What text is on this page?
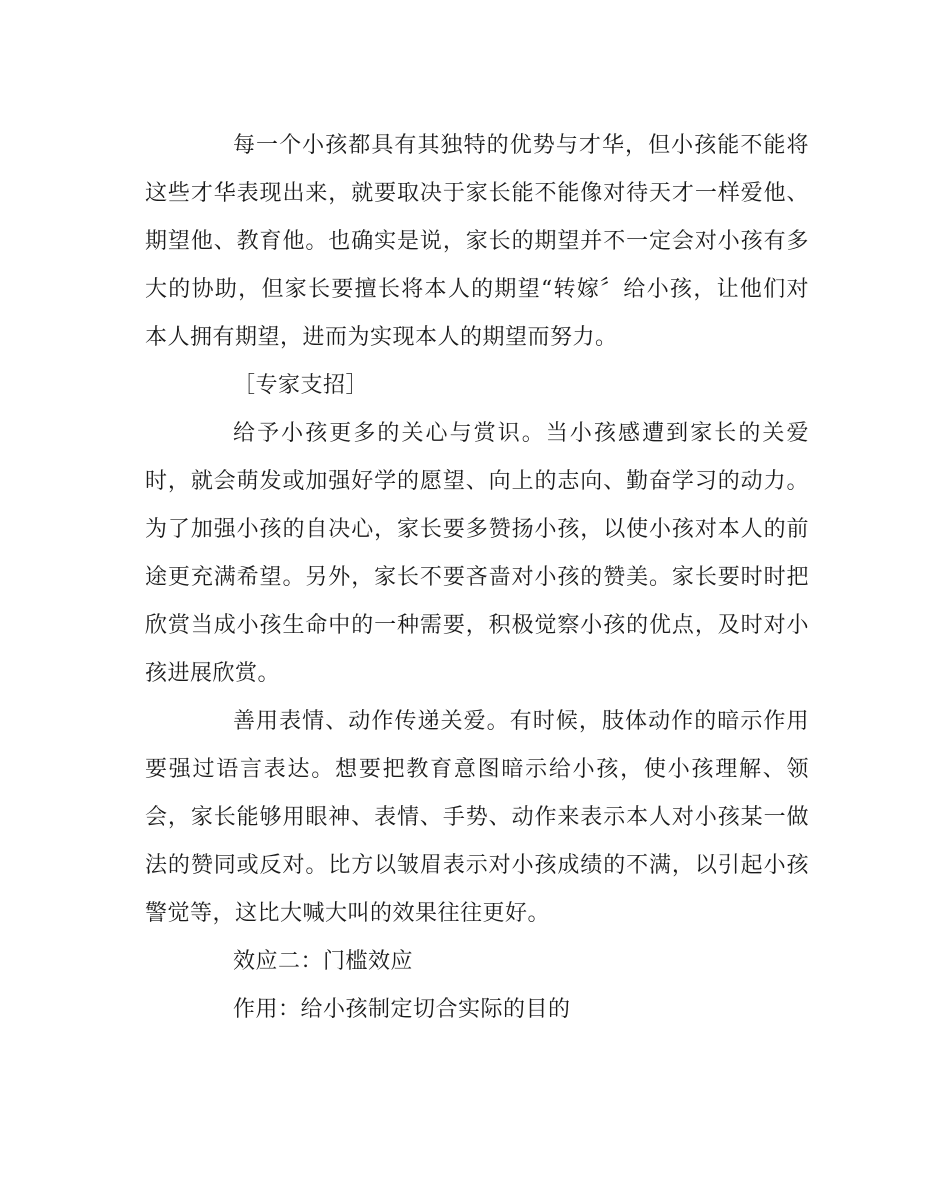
每一个小孩都具有其独特的优势与才华，但小孩能不能将这些才华表现出来，就要取决于家长能不能像对待天才一样爱他、期望他、教育他。也确实是说，家长的期望并不一定会对小孩有多大的协助，但家长要擅长将本人的期望“转嫁〞给小孩，让他们对本人拥有期望，进而为实现本人的期望而努力。

［专家支招］

给予小孩更多的关心与赏识。当小孩感遭到家长的关爱时，就会萌发或加强好学的愿望、向上的志向、勤奋学习的动力。为了加强小孩的自决心，家长要多赞扬小孩，以使小孩对本人的前途更充满希望。另外，家长不要吝啬对小孩的赞美。家长要时时把欣赏当成小孩生命中的一种需要，积极觉察小孩的优点，及时对小孩进展欣赏。

善用表情、动作传递关爱。有时候，肢体动作的暗示作用要强过语言表达。想要把教育意图暗示给小孩，使小孩理解、领会，家长能够用眼神、表情、手势、动作来表示本人对小孩某一做法的赞同或反对。比方以皱眉表示对小孩成绩的不满，以引起小孩警觉等，这比大喊大叫的效果往往更好。

效应二：门槛效应

作用：给小孩制定切合实际的目的
